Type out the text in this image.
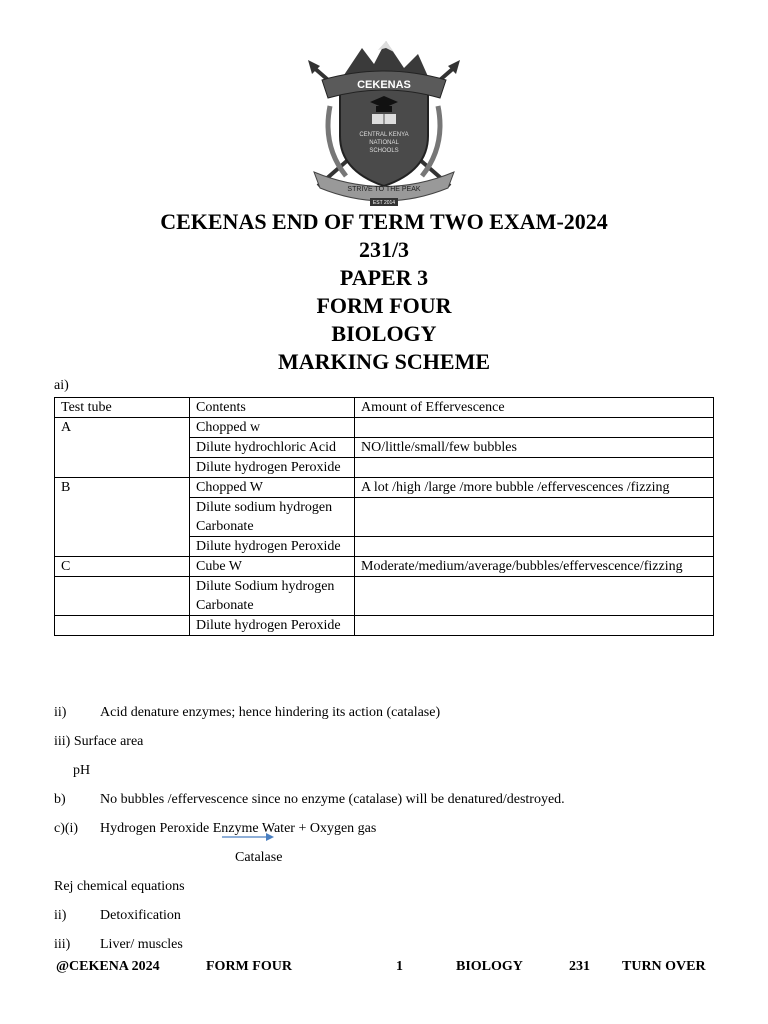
CEKENAS
CENTRAL KENYA
NATIONAL
SCHOOLS
STRIVE TO THE PEAK
EST 2014
CEKENAS END OF TERM TWO EXAM-2024
231/3
PAPER 3
FORM FOUR
BIOLOGY
MARKING SCHEME
ai)
Test tube	Contents	Amount of Effervescence
A	Chopped w	
	Dilute hydrochloric Acid	NO/little/small/few bubbles
	Dilute hydrogen Peroxide	
B	Chopped W	A lot /high /large /more bubble /effervescences /fizzing
	Dilute sodium hydrogen Carbonate	
	Dilute hydrogen Peroxide	
C	Cube W	Moderate/medium/average/bubbles/effervescence/fizzing
	Dilute Sodium hydrogen Carbonate	
	Dilute hydrogen Peroxide	
ii) Acid denature enzymes; hence hindering its action (catalase)
iii) Surface area
pH
b) No bubbles /effervescence since no enzyme (catalase) will be denatured/destroyed.
c)(i) Hydrogen Peroxide Enzyme Water + Oxygen gas
Catalase
Rej chemical equations
ii) Detoxification
iii) Liver/ muscles
@CEKENA 2024	FORM FOUR	1	BIOLOGY	231 TURN OVER
